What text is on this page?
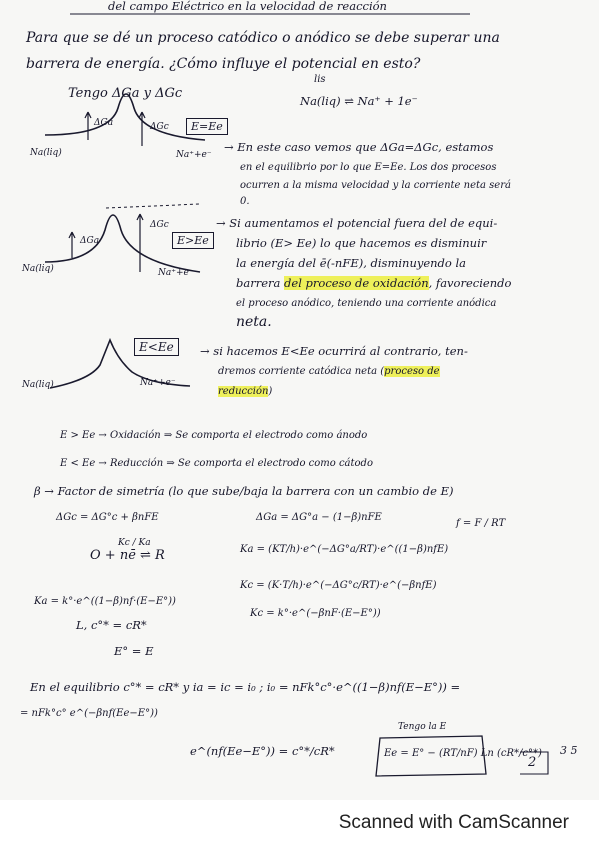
del campo Eléctrico en la velocidad de reacción
Para que se dé un proceso catódico o anódico se debe superar una
barrera de energía. ¿Cómo influye el potencial en esto?
Tengo ΔGa y ΔGc
lis
Na(liq) ⇌ Na⁺ + 1e⁻
ΔGa	ΔGc	E=Ee
Na(liq)	Na⁺+e⁻
→ En este caso vemos que ΔGa=ΔGc, estamos
en el equilibrio por lo que E=Ee. Los dos procesos
ocurren a la misma velocidad y la corriente neta será
0.
ΔGa
ΔGc
E>Ee
Na(liq)	Na⁺+e⁻
→ Si aumentamos el potencial fuera del de equi-
librio (E> Ee) lo que hacemos es disminuir
la energía del ē(-nFE), disminuyendo la
barrera del proceso de oxidación, favoreciendo
el proceso anódico, teniendo una corriente anódica
neta.
E<Ee
Na(liq)	Na⁺+e⁻
→ si hacemos E<Ee ocurrirá al contrario, ten-
dremos corriente catódica neta (proceso de
reducción)
E > Ee → Oxidación ⇒ Se comporta el electrodo como ánodo
E < Ee → Reducción ⇒ Se comporta el electrodo como cátodo
β → Factor de simetría (lo que sube/baja la barrera con un cambio de E)
ΔGc = ΔG°c + βnFE	ΔGa = ΔG°a − (1−β)nFE
f = F / RT
O + nē ⇌ R
Kc / Ka
Ka = (KT/h)·e^(−ΔG°a/RT)·e^((1−β)nfE)
Kc = (K·T/h)·e^(−ΔG°c/RT)·e^(−βnfE)
Kc = k°·e^(−βnF·(E−E°))
Ka = k°·e^((1−β)nf·(E−E°))
L, c°* = cR*
E° = E
En el equilibrio c°* = cR* y ia = ic = i₀ ; i₀ = nFk°c°·e^((1−β)nf(E−E°)) =
= nFk°c° e^(−βnf(Ee−E°))
e^(nf(Ee−E°)) = c°*/cR*
Tengo la E
Ee = E° − (RT/nF) Ln (cR*/c°*)
2
3 5
Scanned with CamScanner
